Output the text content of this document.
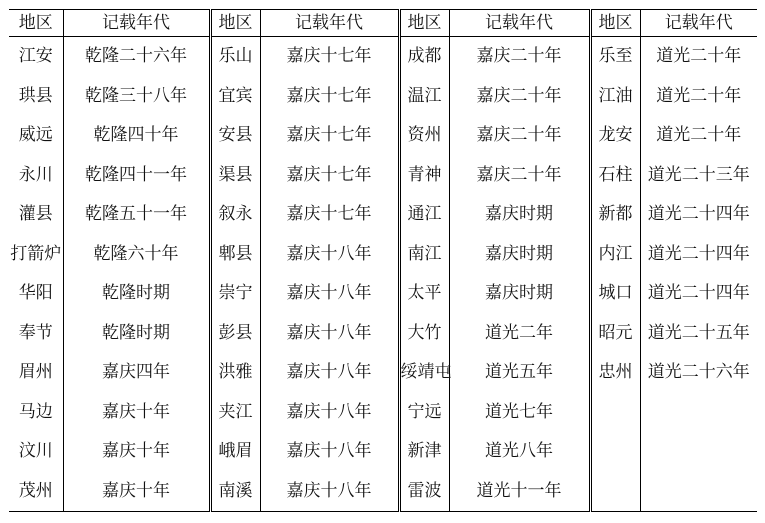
地区	记载年代	地区	记载年代	地区	记载年代	地区	记载年代
江安	乾隆二十六年	乐山	嘉庆十七年	成都	嘉庆二十年	乐至	道光二十年
珙县	乾隆三十八年	宜宾	嘉庆十七年	温江	嘉庆二十年	江油	道光二十年
威远	乾隆四十年	安县	嘉庆十七年	资州	嘉庆二十年	龙安	道光二十年
永川	乾隆四十一年	渠县	嘉庆十七年	青神	嘉庆二十年	石柱	道光二十三年
灌县	乾隆五十一年	叙永	嘉庆十七年	通江	嘉庆时期	新都	道光二十四年
打箭炉	乾隆六十年	郫县	嘉庆十八年	南江	嘉庆时期	内江	道光二十四年
华阳	乾隆时期	崇宁	嘉庆十八年	太平	嘉庆时期	城口	道光二十四年
奉节	乾隆时期	彭县	嘉庆十八年	大竹	道光二年	昭元	道光二十五年
眉州	嘉庆四年	洪雅	嘉庆十八年	绥靖屯	道光五年	忠州	道光二十六年
马边	嘉庆十年	夹江	嘉庆十八年	宁远	道光七年		
汶川	嘉庆十年	峨眉	嘉庆十八年	新津	道光八年		
茂州	嘉庆十年	南溪	嘉庆十八年	雷波	道光十一年		
